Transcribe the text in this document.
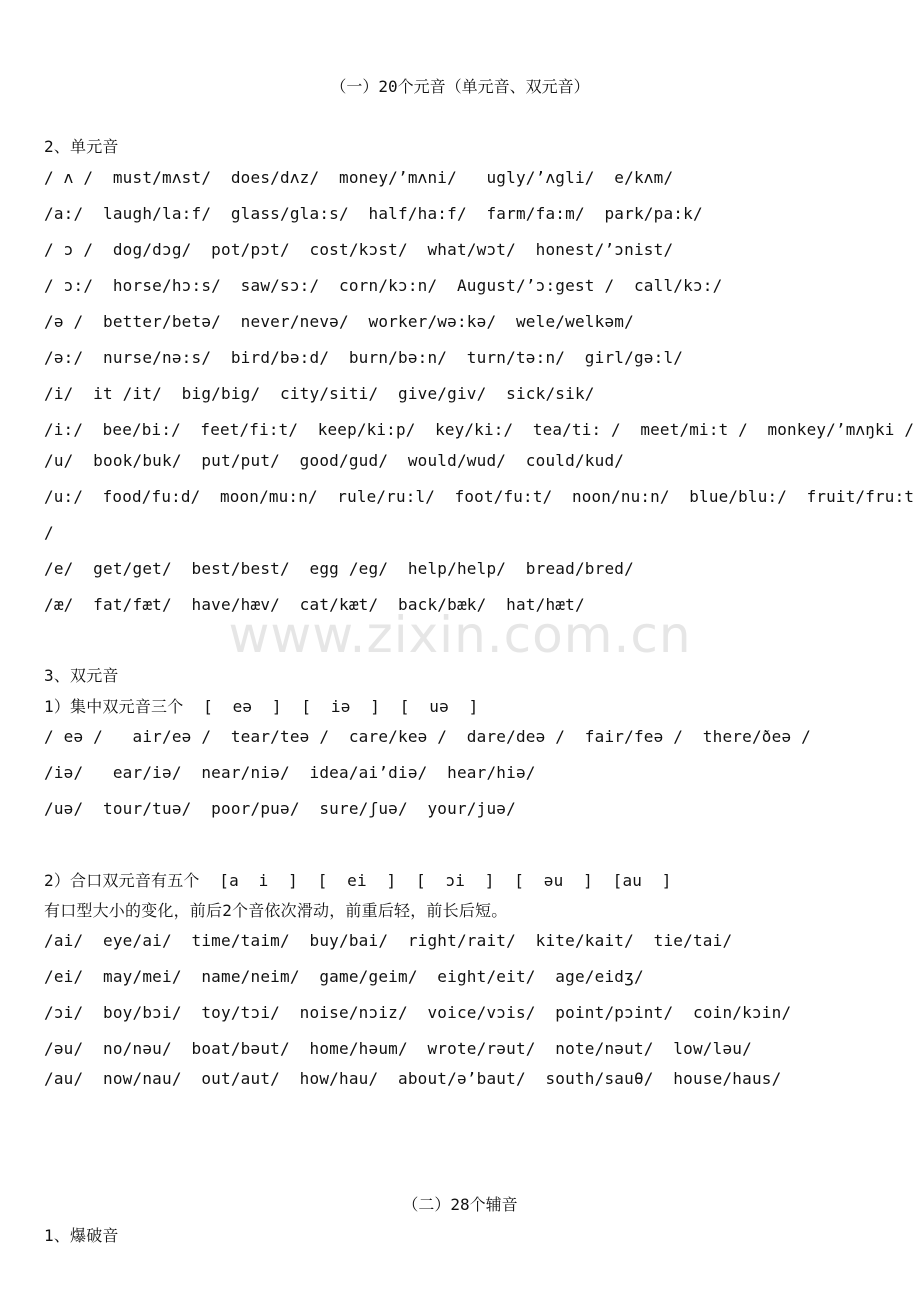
（一）20个元音（单元音、双元音）
2、单元音
/ ʌ /  must/mʌst/  does/dʌz/  money/’mʌni/   ugly/’ʌgli/  e/kʌm/
/a:/  laugh/la:f/  glass/gla:s/  half/ha:f/  farm/fa:m/  park/pa:k/
/ ɔ /  dog/dɔg/  pot/pɔt/  cost/kɔst/  what/wɔt/  honest/’ɔnist/
/ ɔ:/  horse/hɔ:s/  saw/sɔ:/  corn/kɔ:n/  August/’ɔ:gest /  call/kɔ:/
/ə /  better/betə/  never/nevə/  worker/wə:kə/  wele/welkəm/
/ə:/  nurse/nə:s/  bird/bə:d/  burn/bə:n/  turn/tə:n/  girl/gə:l/
/i/  it /it/  big/big/  city/siti/  give/giv/  sick/sik/
/i:/  bee/bi:/  feet/fi:t/  keep/ki:p/  key/ki:/  tea/ti: /  meet/mi:t /  monkey/’mʌŋki /
/u/  book/buk/  put/put/  good/gud/  would/wud/  could/kud/
/u:/  food/fu:d/  moon/mu:n/  rule/ru:l/  foot/fu:t/  noon/nu:n/  blue/blu:/  fruit/fru:t
/
/e/  get/get/  best/best/  egg /eg/  help/help/  bread/bred/
/æ/  fat/fæt/  have/hæv/  cat/kæt/  back/bæk/  hat/hæt/
www.zixin.com.cn
3、双元音
1）集中双元音三个  [  eə  ]  [  iə  ]  [  uə  ]
/ eə /   air/eə /  tear/teə /  care/keə /  dare/deə /  fair/feə /  there/ðeə /
/iə/   ear/iə/  near/niə/  idea/ai’diə/  hear/hiə/
/uə/  tour/tuə/  poor/puə/  sure/ʃuə/  your/juə/
2）合口双元音有五个  [a  i  ]  [  ei  ]  [  ɔi  ]  [  əu  ]  [au  ]
有口型大小的变化，前后2个音依次滑动，前重后轻，前长后短。
/ai/  eye/ai/  time/taim/  buy/bai/  right/rait/  kite/kait/  tie/tai/
/ei/  may/mei/  name/neim/  game/geim/  eight/eit/  age/eidʒ/
/ɔi/  boy/bɔi/  toy/tɔi/  noise/nɔiz/  voice/vɔis/  point/pɔint/  coin/kɔin/
/əu/  no/nəu/  boat/bəut/  home/həum/  wrote/rəut/  note/nəut/  low/ləu/
/au/  now/nau/  out/aut/  how/hau/  about/ə’baut/  south/sauθ/  house/haus/
（二）28个辅音
1、爆破音
